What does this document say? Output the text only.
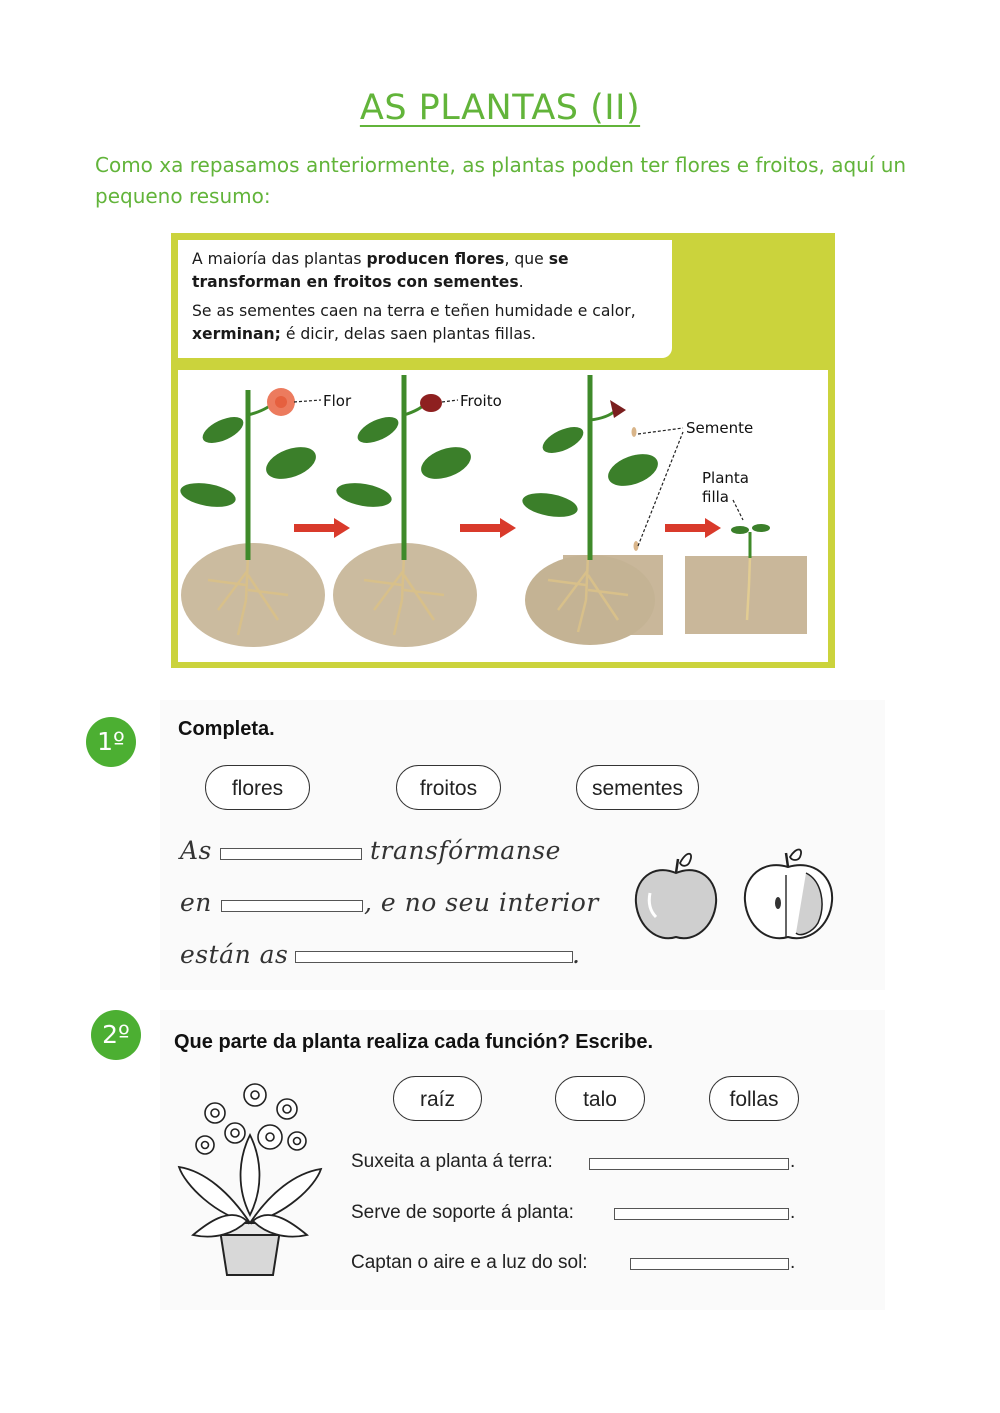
AS PLANTAS (II)
Como xa repasamos anteriormente, as plantas poden ter flores e froitos, aquí un pequeno resumo:

A maioría das plantas producen flores, que se transforman en froitos con sementes.

Se as sementes caen na terra e teñen humidade e calor, xerminan; é dicir, delas saen plantas fillas.

Flor	Froito
Semente
Planta
filla
1º	Completa.
flores	froitos	sementes
As	transfórmanse
en	, e no seu interior
están as	.
2º	Que parte da planta realiza cada función? Escribe.
raíz	talo	follas
Suxeita a planta á terra:	.
Serve de soporte á planta:	.
Captan o aire e a luz do sol:	.
